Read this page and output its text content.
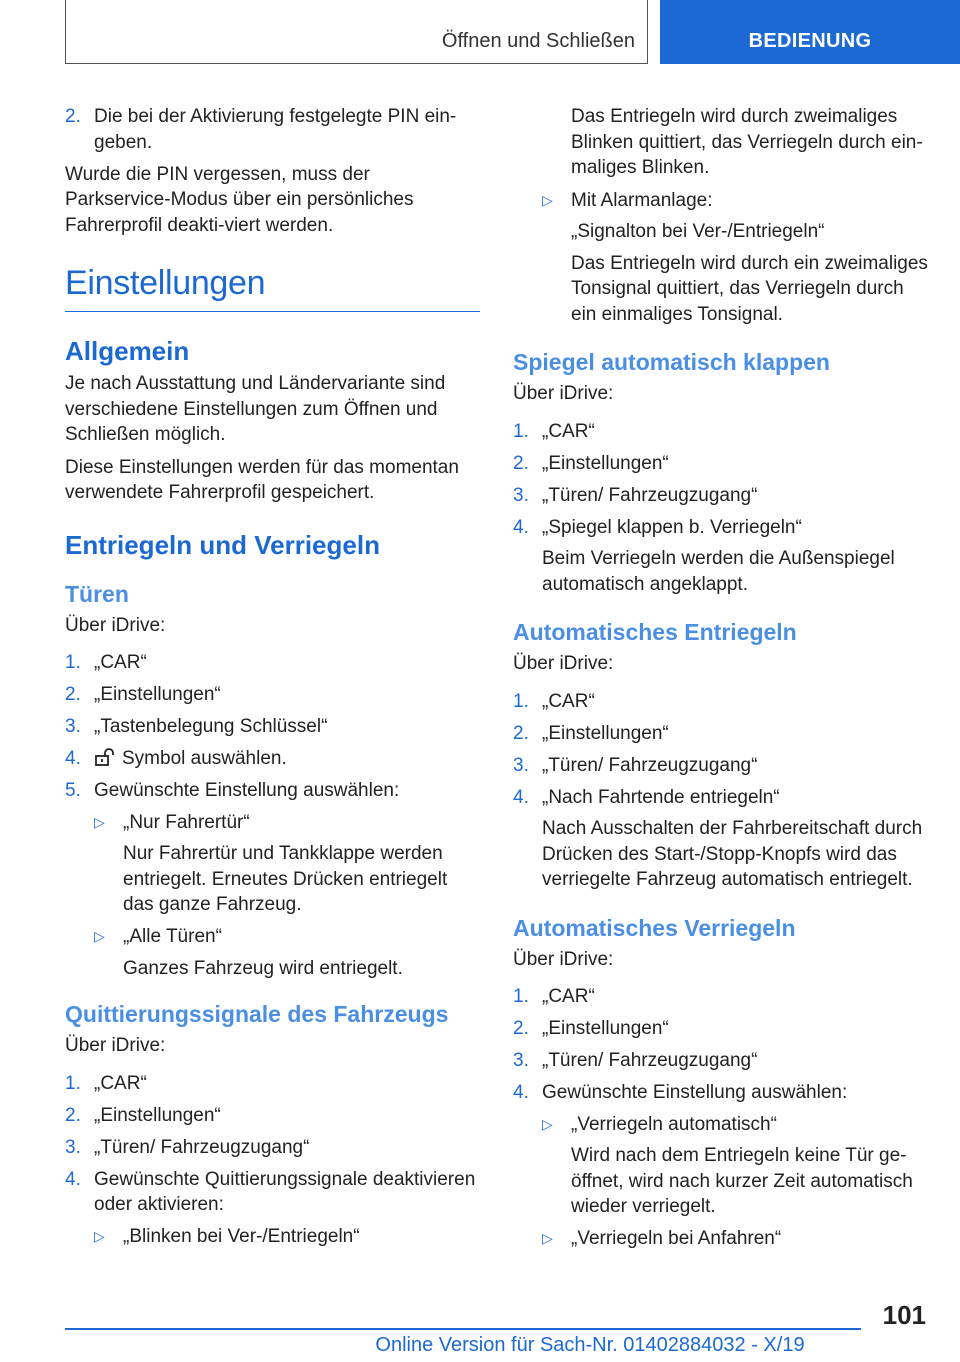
Öffnen und Schließen	BEDIENUNG
2. Die bei der Aktivierung festgelegte PIN ein-geben.

Wurde die PIN vergessen, muss der Parkservice-Modus über ein persönliches Fahrerprofil deakti-viert werden.

Einstellungen
Allgemein

Je nach Ausstattung und Ländervariante sind verschiedene Einstellungen zum Öffnen und Schließen möglich.

Diese Einstellungen werden für das momentan verwendete Fahrerprofil gespeichert.

Entriegeln und Verriegeln
Türen

Über iDrive:

1. „CAR“
2. „Einstellungen“
3. „Tastenbelegung Schlüssel“
4. Symbol auswählen.
5. Gewünschte Einstellung auswählen:
▷ „Nur Fahrertür“
Nur Fahrertür und Tankklappe werden entriegelt. Erneutes Drücken entriegelt das ganze Fahrzeug.
▷ „Alle Türen“
Ganzes Fahrzeug wird entriegelt.
Quittierungssignale des Fahrzeugs

Über iDrive:

1. „CAR“
2. „Einstellungen“
3. „Türen/ Fahrzeugzugang“
4. Gewünschte Quittierungssignale deaktivieren oder aktivieren:
▷ „Blinken bei Ver-/Entriegeln“

Das Entriegeln wird durch zweimaliges Blinken quittiert, das Verriegeln durch ein-maliges Blinken.

▷ Mit Alarmanlage:
„Signalton bei Ver-/Entriegeln“
Das Entriegeln wird durch ein zweimaliges Tonsignal quittiert, das Verriegeln durch ein einmaliges Tonsignal.
Spiegel automatisch klappen

Über iDrive:

1. „CAR“
2. „Einstellungen“
3. „Türen/ Fahrzeugzugang“
4. „Spiegel klappen b. Verriegeln“
Beim Verriegeln werden die Außenspiegel automatisch angeklappt.
Automatisches Entriegeln

Über iDrive:

1. „CAR“
2. „Einstellungen“
3. „Türen/ Fahrzeugzugang“
4. „Nach Fahrtende entriegeln“
Nach Ausschalten der Fahrbereitschaft durch Drücken des Start-/Stopp-Knopfs wird das verriegelte Fahrzeug automatisch entriegelt.
Automatisches Verriegeln

Über iDrive:

1. „CAR“
2. „Einstellungen“
3. „Türen/ Fahrzeugzugang“
4. Gewünschte Einstellung auswählen:
▷ „Verriegeln automatisch“
Wird nach dem Entriegeln keine Tür ge-öffnet, wird nach kurzer Zeit automatisch wieder verriegelt.
▷ „Verriegeln bei Anfahren“
101
Online Version für Sach-Nr. 01402884032 - X/19
